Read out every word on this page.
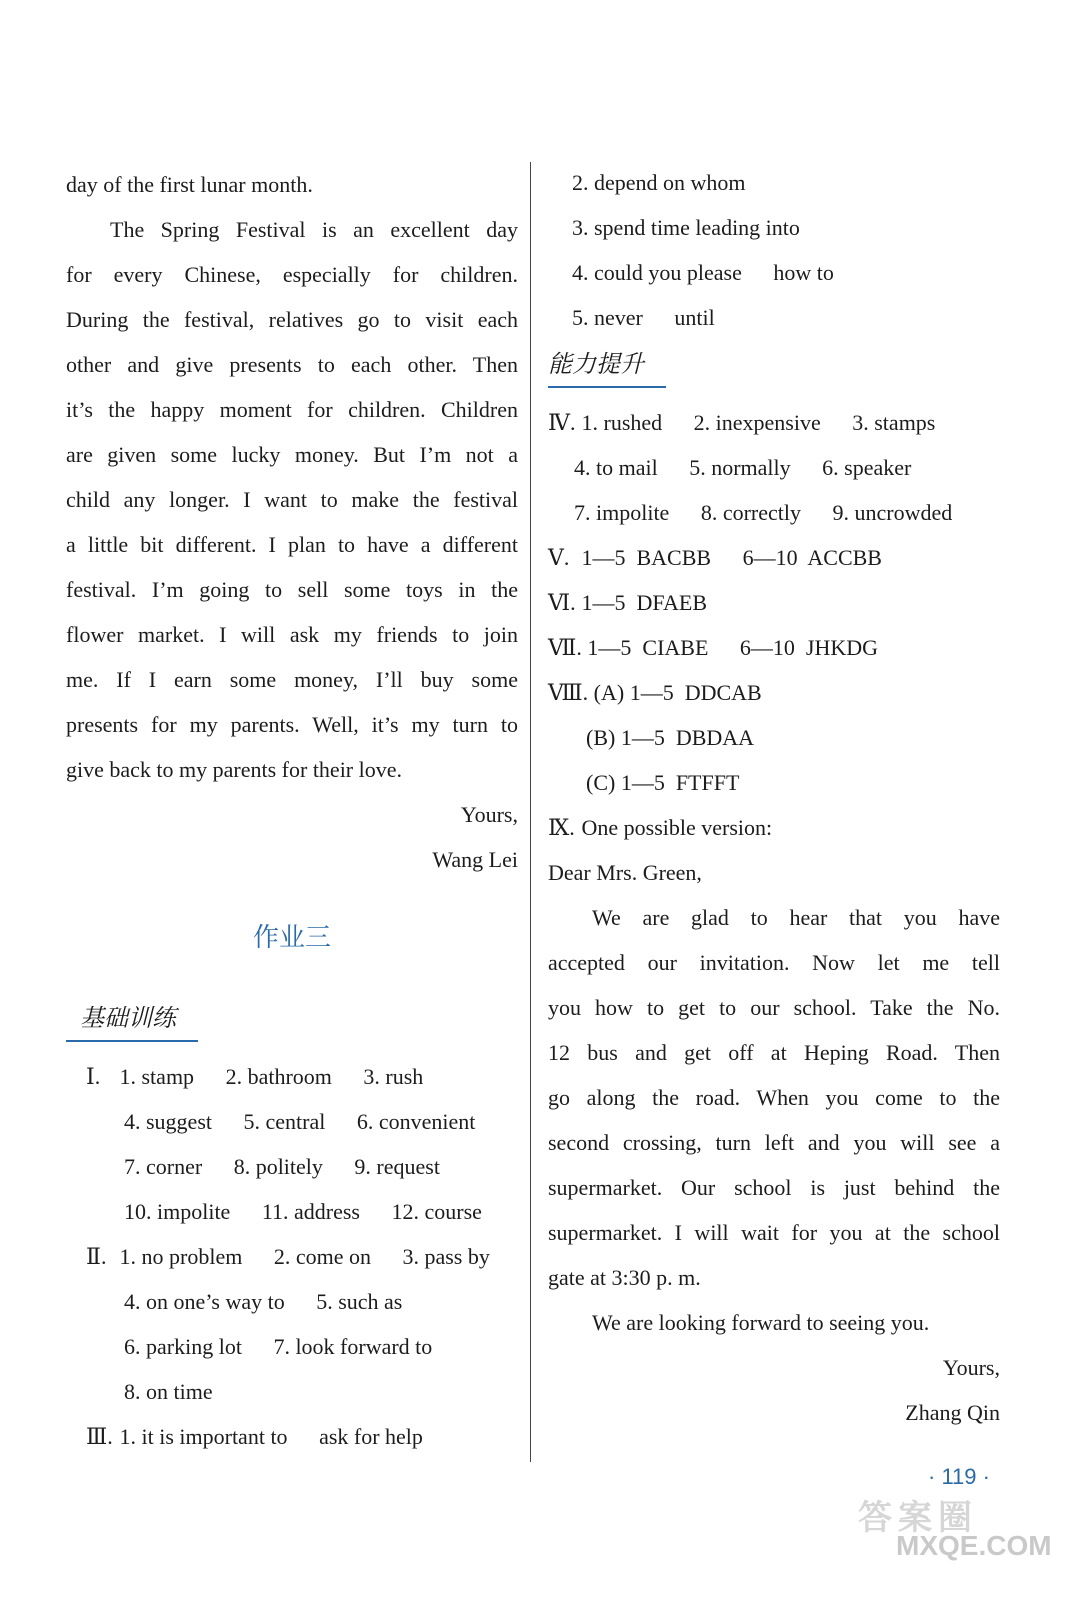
day of the first lunar month.

The Spring Festival is an excellent day

for every Chinese, especially for children.

During the festival, relatives go to visit each

other and give presents to each other. Then

it’s the happy moment for children. Children

are given some lucky money. But I’m not a

child any longer. I want to make the festival

a little bit different. I plan to have a different

festival. I’m going to sell some toys in the

flower market. I will ask my friends to join

me. If I earn some money, I’ll buy some

presents for my parents. Well, it’s my turn to

give back to my parents for their love.

Yours,
Wang Lei
作业三
基础训练
Ⅰ. 1. stamp 2. bathroom 3. rush
4. suggest 5. central 6. convenient
7. corner 8. politely 9. request
10. impolite 11. address 12. course
Ⅱ. 1. no problem 2. come on 3. pass by
4. on one’s way to 5. such as
6. parking lot 7. look forward to
8. on time
Ⅲ. 1. it is important to ask for help
2. depend on whom
3. spend time leading into
4. could you please how to
5. never until
能力提升
Ⅳ. 1. rushed 2. inexpensive 3. stamps
4. to mail 5. normally 6. speaker
7. impolite 8. correctly 9. uncrowded
Ⅴ. 1—5  BACBB 6—10  ACCBB
Ⅵ. 1—5  DFAEB
Ⅶ. 1—5  CIABE 6—10  JHKDG
Ⅷ. (A) 1—5  DDCAB
(B) 1—5  DBDAA
(C) 1—5  FTFFT
Ⅸ. One possible version:
Dear Mrs. Green,

We are glad to hear that you have

accepted our invitation. Now let me tell

you how to get to our school. Take the No.

12 bus and get off at Heping Road. Then

go along the road. When you come to the

second crossing, turn left and you will see a

supermarket. Our school is just behind the

supermarket. I will wait for you at the school

gate at 3:30 p. m.

We are looking forward to seeing you.

Yours,
Zhang Qin
· 119 ·
答案圈
MXQE.COM
